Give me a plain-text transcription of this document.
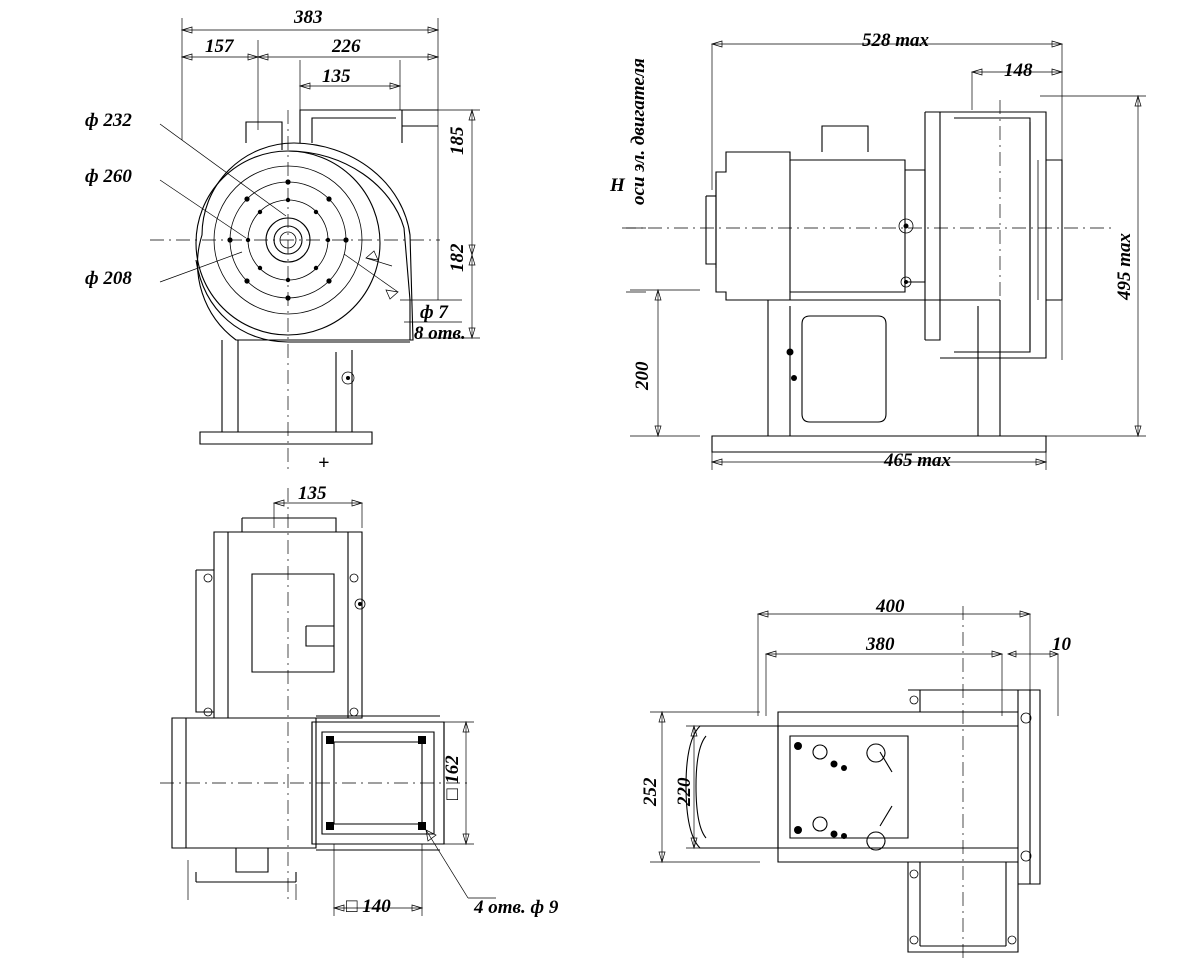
383
157	226
135
185
182
ф 232
ф 260
ф 208
ф 7
8 отв.
+
528 max
148
495 max
200
465 max
H оси эл. двигателя
135
□ 162
□ 140	4 отв. ф 9
400
380	10
252 220
